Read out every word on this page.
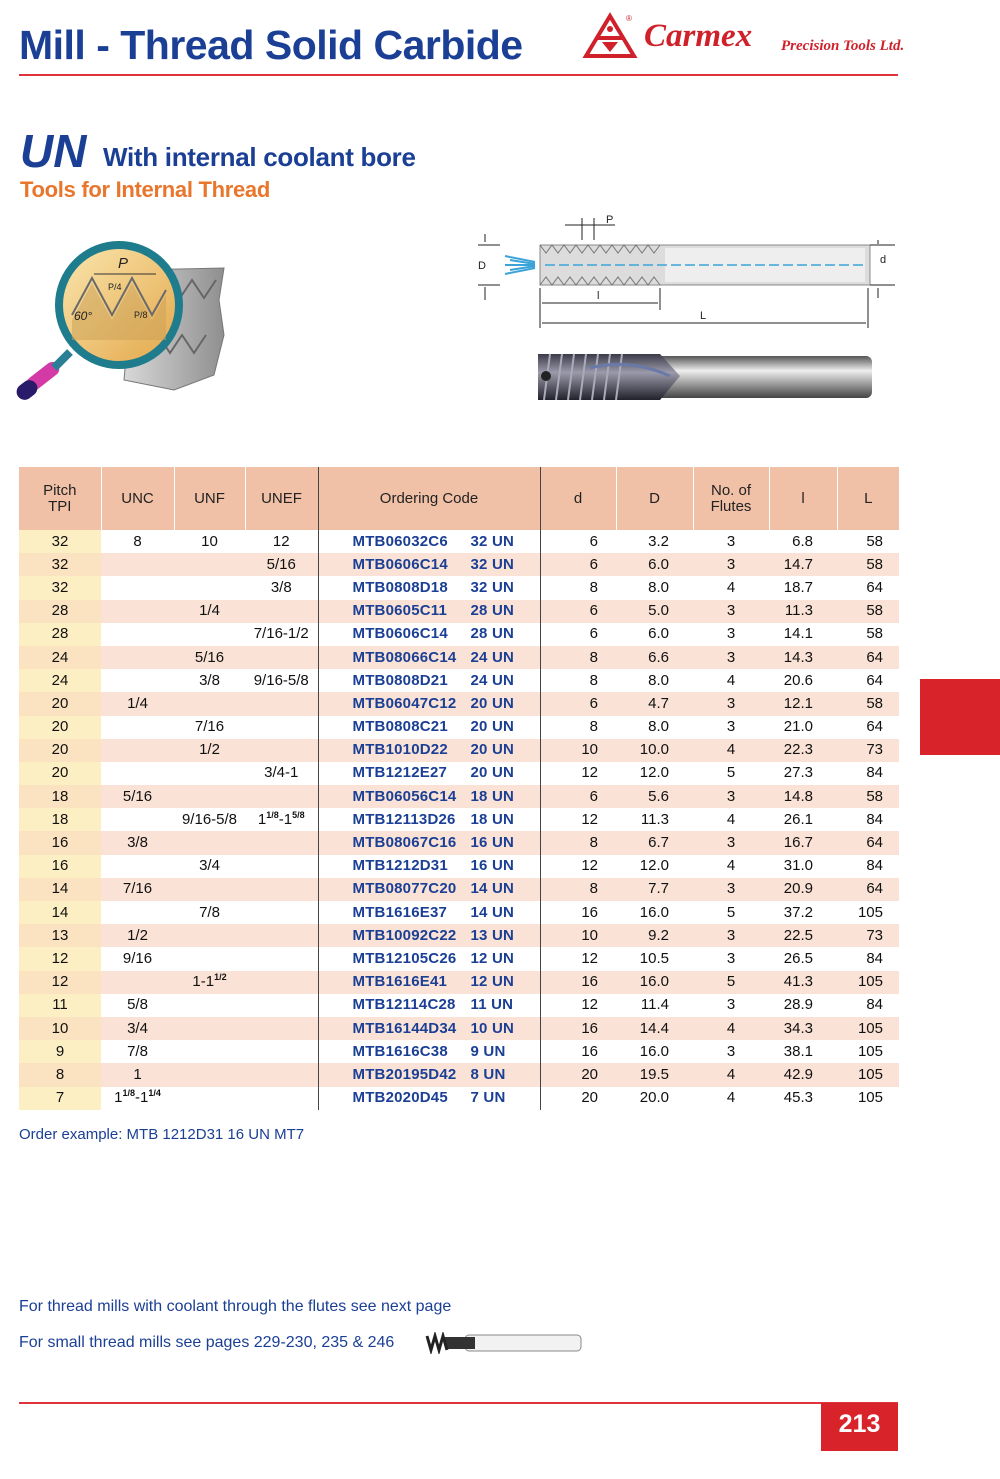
Mill - Thread Solid Carbide
® Carmex Precision Tools Ltd.
UN With internal coolant bore
Tools for Internal Thread
P
P/4
P/8
60°
D	d
P
l
L
Pitch
TPI	UNC	UNF	UNEF	Ordering Code	d	D	No. of
Flutes	l	L
32	8	10	12	MTB06032C6 32 UN	6	3.2	3	6.8	58
32			5/16	MTB0606C14 32 UN	6	6.0	3	14.7	58
32			3/8	MTB0808D18 32 UN	8	8.0	4	18.7	64
28		1/4		MTB0605C11 28 UN	6	5.0	3	11.3	58
28			7/16-1/2	MTB0606C14 28 UN	6	6.0	3	14.1	58
24		5/16		MTB08066C14 24 UN	8	6.6	3	14.3	64
24		3/8	9/16-5/8	MTB0808D21 24 UN	8	8.0	4	20.6	64
20	1/4			MTB06047C12 20 UN	6	4.7	3	12.1	58
20		7/16		MTB0808C21 20 UN	8	8.0	3	21.0	64
20		1/2		MTB1010D22 20 UN	10	10.0	4	22.3	73
20			3/4-1	MTB1212E27 20 UN	12	12.0	5	27.3	84
18	5/16			MTB06056C14 18 UN	6	5.6	3	14.8	58
18		9/16-5/8	$1^{1/8}-1^{5/8}$	MTB12113D26 18 UN	12	11.3	4	26.1	84
16	3/8			MTB08067C16 16 UN	8	6.7	3	16.7	64
16		3/4		MTB1212D31 16 UN	12	12.0	4	31.0	84
14	7/16			MTB08077C20 14 UN	8	7.7	3	20.9	64
14		7/8		MTB1616E37 14 UN	16	16.0	5	37.2	105
13	1/2			MTB10092C22 13 UN	10	9.2	3	22.5	73
12	9/16			MTB12105C26 12 UN	12	10.5	3	26.5	84
12		$1-1^{1/2}$		MTB1616E41 12 UN	16	16.0	5	41.3	105
11	5/8			MTB12114C28 11 UN	12	11.4	3	28.9	84
10	3/4			MTB16144D34 10 UN	16	14.4	4	34.3	105
9	7/8			MTB1616C38 9 UN	16	16.0	3	38.1	105
8	1			MTB20195D42 8 UN	20	19.5	4	42.9	105
7	$1^{1/8}-1^{1/4}$			MTB2020D45 7 UN	20	20.0	4	45.3	105
Order example: MTB 1212D31 16 UN MT7
For thread mills with coolant through the flutes see next page
For small thread mills see pages 229-230, 235 & 246
213
